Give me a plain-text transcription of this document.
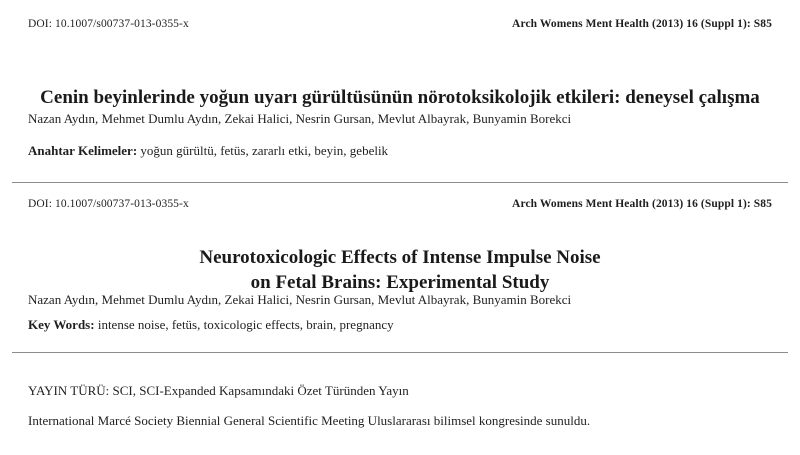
DOI: 10.1007/s00737-013-0355-x	Arch Womens Ment Health (2013) 16 (Suppl 1): S85
Cenin beyinlerinde yoğun uyarı gürültüsünün nörotoksikolojik etkileri: deneysel çalışma
Nazan Aydın, Mehmet Dumlu Aydın, Zekai Halici, Nesrin Gursan, Mevlut Albayrak, Bunyamin Borekci
Anahtar Kelimeler: yoğun gürültü, fetüs, zararlı etki, beyin, gebelik
DOI: 10.1007/s00737-013-0355-x	Arch Womens Ment Health (2013) 16 (Suppl 1): S85
Neurotoxicologic Effects of Intense Impulse Noise
on Fetal Brains: Experimental Study
Nazan Aydın, Mehmet Dumlu Aydın, Zekai Halici, Nesrin Gursan, Mevlut Albayrak, Bunyamin Borekci
Key Words: intense noise, fetüs, toxicologic effects, brain, pregnancy
YAYIN TÜRÜ: SCI, SCI-Expanded Kapsamındaki Özet Türünden Yayın
International Marcé Society Biennial General Scientific Meeting Uluslararası bilimsel kongresinde sunuldu.
